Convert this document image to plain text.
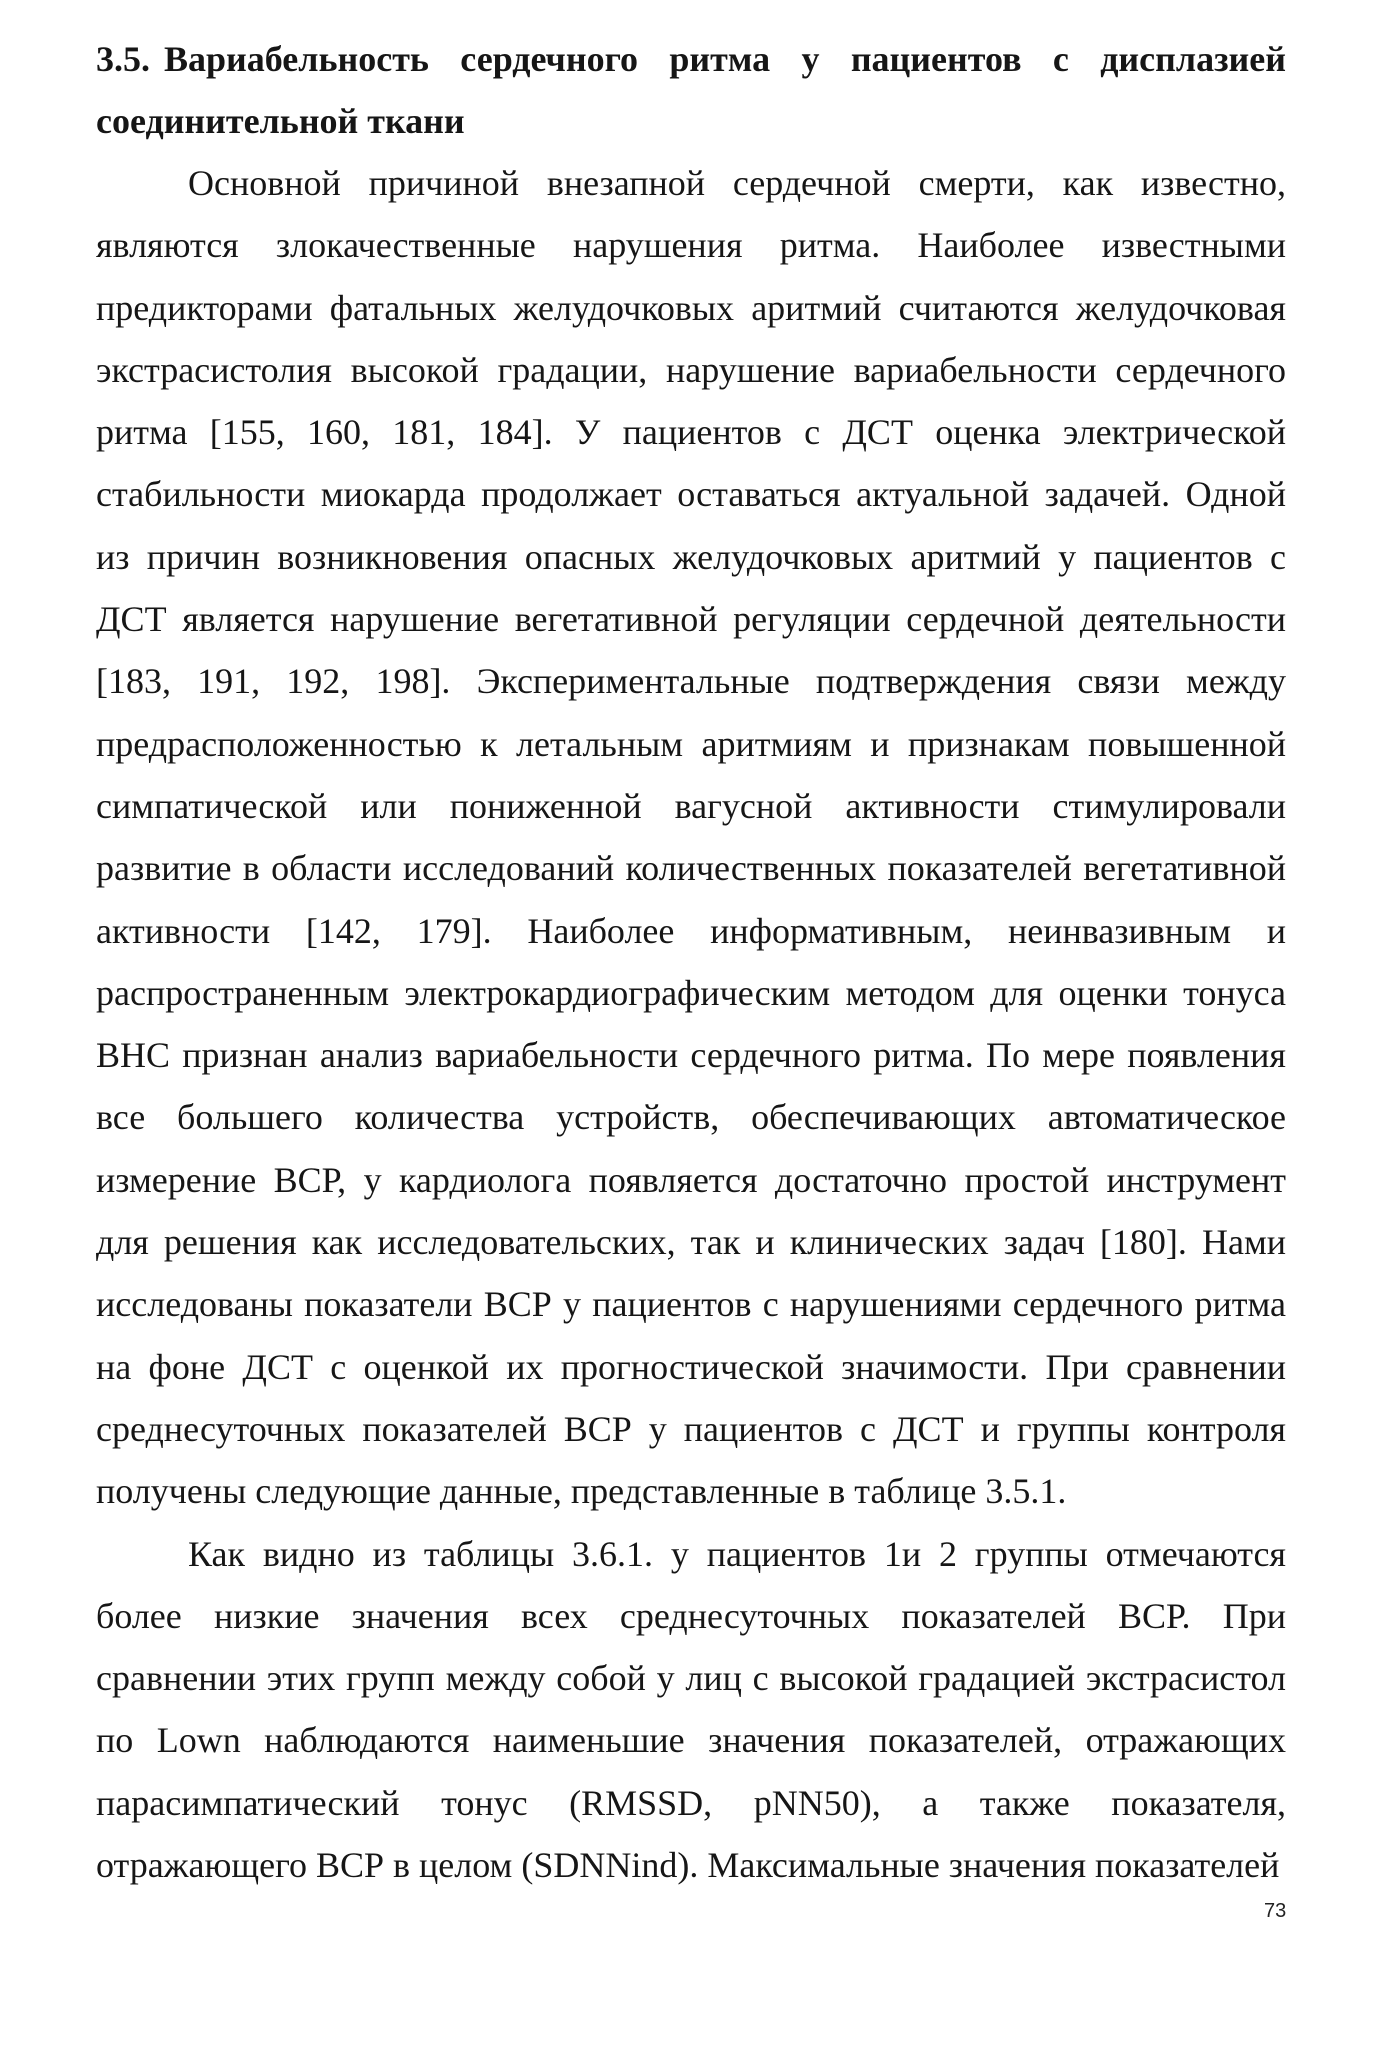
3.5. Вариабельность сердечного ритма у пациентов с дисплазией соединительной ткани

Основной причиной внезапной сердечной смерти, как известно, являются злокачественные нарушения ритма. Наиболее известными предикторами фатальных желудочковых аритмий считаются желудочковая экстрасистолия высокой градации, нарушение вариабельности сердечного ритма [155, 160, 181, 184]. У пациентов с ДСТ оценка электрической стабильности миокарда продолжает оставаться актуальной задачей. Одной из причин возникновения опасных желудочковых аритмий у пациентов с ДСТ является нарушение вегетативной регуляции сердечной деятельности [183, 191, 192, 198]. Экспериментальные подтверждения связи между предрасположенностью к летальным аритмиям и признакам повышенной симпатической или пониженной вагусной активности стимулировали развитие в области исследований количественных показателей вегетативной активности [142, 179]. Наиболее информативным, неинвазивным и распространенным электрокардиографическим методом для оценки тонуса ВНС признан анализ вариабельности сердечного ритма. По мере появления все большего количества устройств, обеспечивающих автоматическое измерение ВСР, у кардиолога появляется достаточно простой инструмент для решения как исследовательских, так и клинических задач [180]. Нами исследованы показатели ВСР у пациентов с нарушениями сердечного ритма на фоне ДСТ с оценкой их прогностической значимости. При сравнении среднесуточных показателей ВСР у пациентов с ДСТ и группы контроля получены следующие данные, представленные в таблице 3.5.1.

Как видно из таблицы 3.6.1. у пациентов 1и 2 группы отмечаются более низкие значения всех среднесуточных показателей ВСР. При сравнении этих групп между собой у лиц с высокой градацией экстрасистол по Lown наблюдаются наименьшие значения показателей, отражающих парасимпатический тонус (RMSSD, pNN50), а также показателя, отражающего ВСР в целом (SDNNind). Максимальные значения показателей

73
